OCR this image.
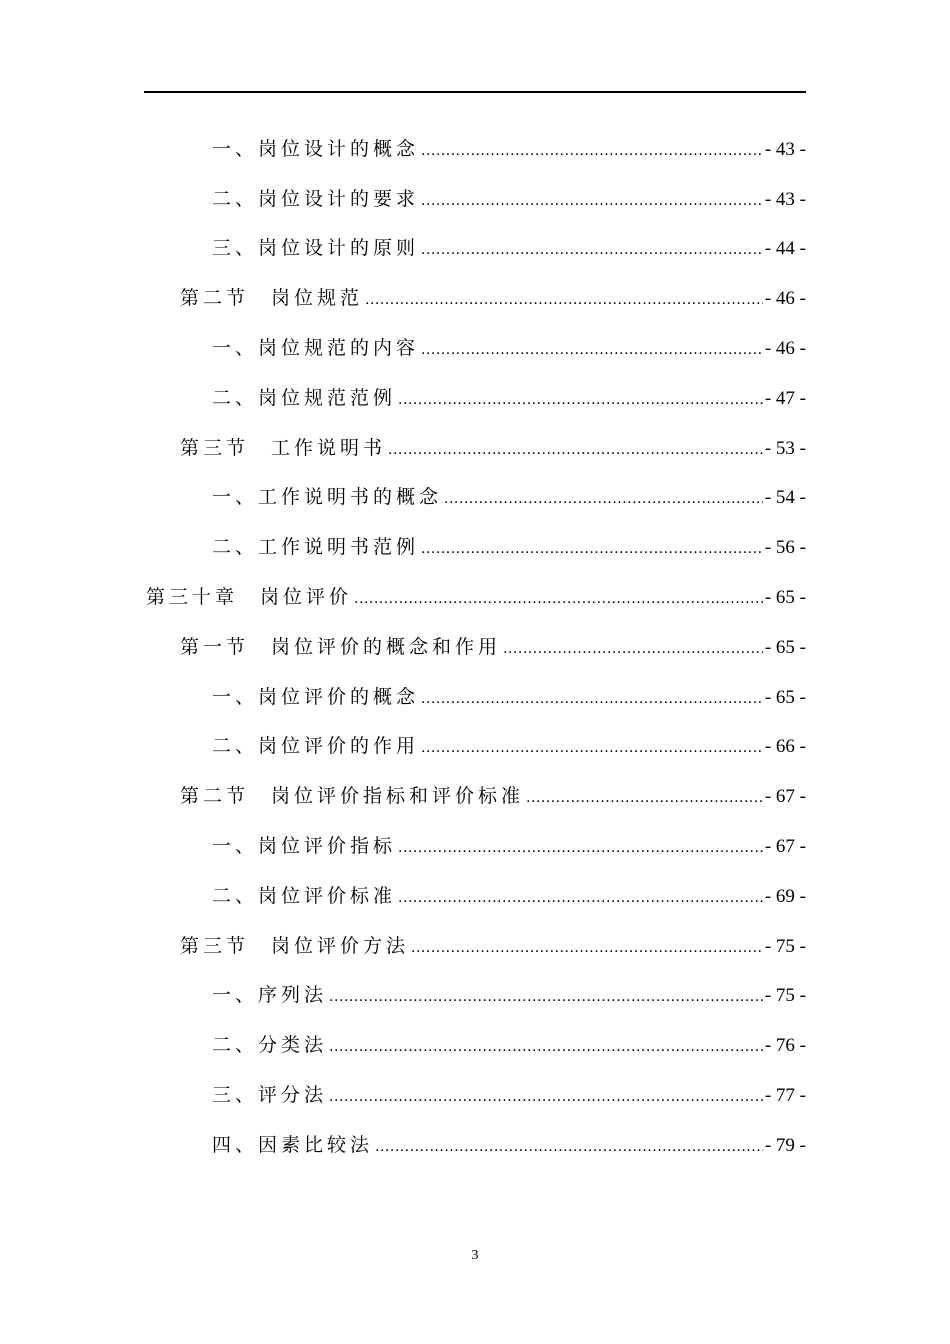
一、岗位设计的概念 .....	- 43 -
二、岗位设计的要求 .....	- 43 -
三、岗位设计的原则 .....	- 44 -
第二节 岗位规范 .....	- 46 -
一、岗位规范的内容 .....	- 46 -
二、岗位规范范例 .....	- 47 -
第三节 工作说明书 .....	- 53 -
一、工作说明书的概念 .....	- 54 -
二、工作说明书范例 .....	- 56 -
第三十章 岗位评价 .....	- 65 -
第一节 岗位评价的概念和作用 .....	- 65 -
一、岗位评价的概念 .....	- 65 -
二、岗位评价的作用 .....	- 66 -
第二节 岗位评价指标和评价标准 .....	- 67 -
一、岗位评价指标 .....	- 67 -
二、岗位评价标准 .....	- 69 -
第三节 岗位评价方法 .....	- 75 -
一、序列法 .....	- 75 -
二、分类法 .....	- 76 -
三、评分法 .....	- 77 -
四、因素比较法 .....	- 79 -
3
